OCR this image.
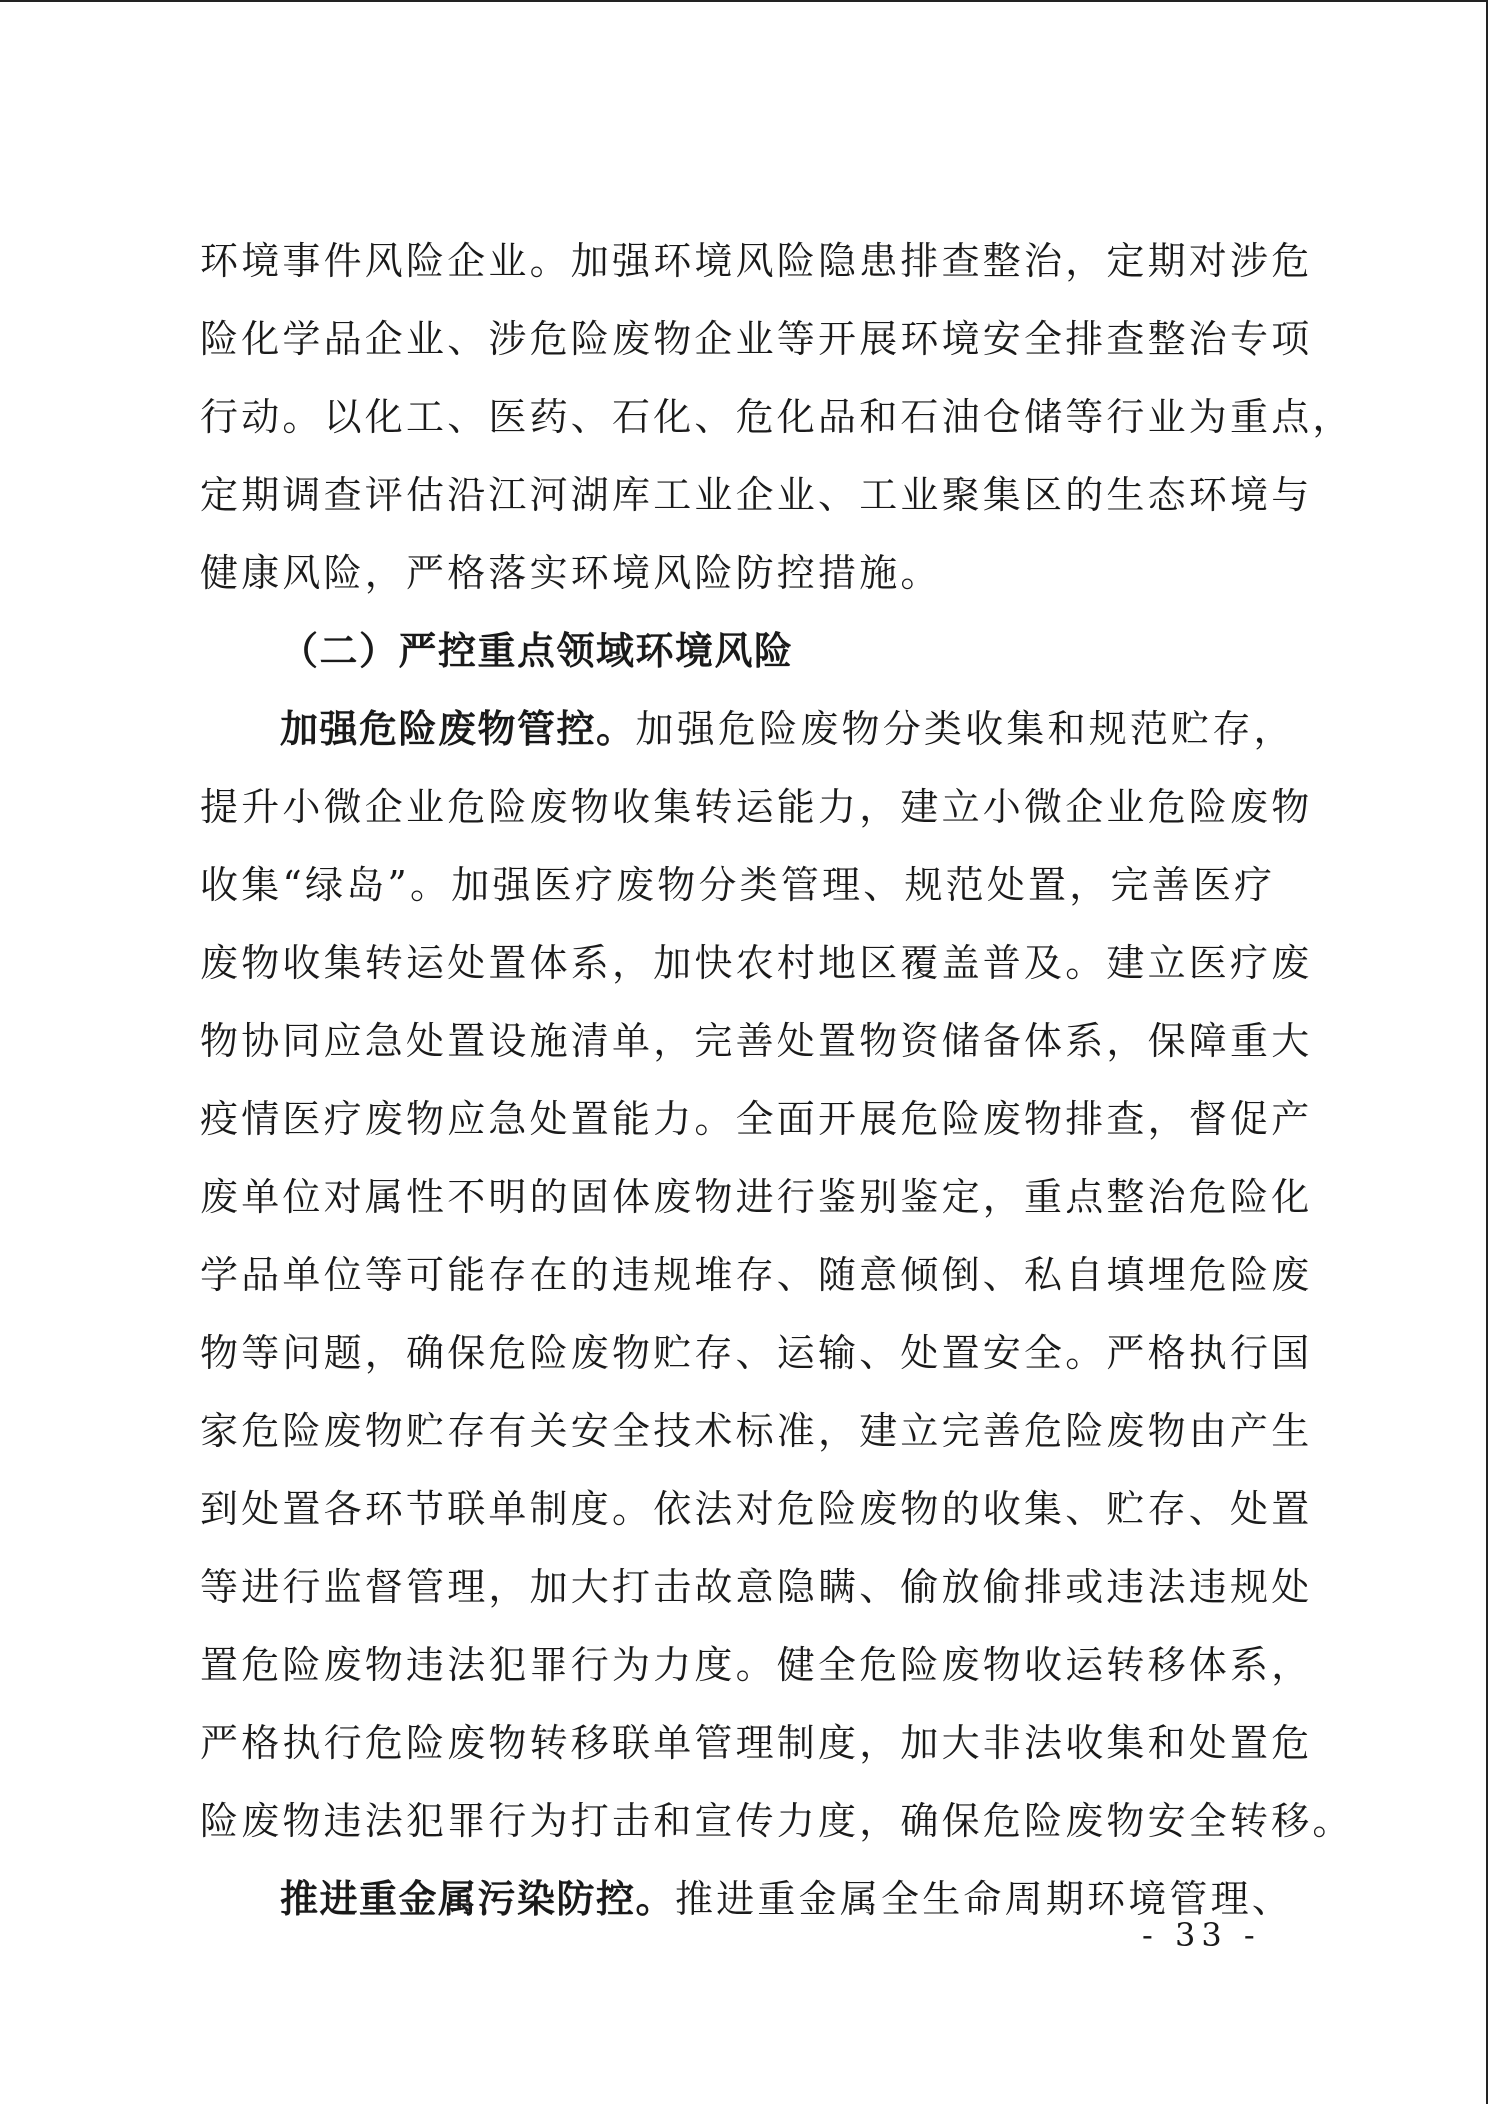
环境事件风险企业。加强环境风险隐患排查整治，定期对涉危
险化学品企业、涉危险废物企业等开展环境安全排查整治专项
行动。以化工、医药、石化、危化品和石油仓储等行业为重点，
定期调查评估沿江河湖库工业企业、工业聚集区的生态环境与
健康风险，严格落实环境风险防控措施。
（二）严控重点领域环境风险
加强危险废物管控。加强危险废物分类收集和规范贮存，
提升小微企业危险废物收集转运能力，建立小微企业危险废物
收集“绿岛”。加强医疗废物分类管理、规范处置，完善医疗
废物收集转运处置体系，加快农村地区覆盖普及。建立医疗废
物协同应急处置设施清单，完善处置物资储备体系，保障重大
疫情医疗废物应急处置能力。全面开展危险废物排查，督促产
废单位对属性不明的固体废物进行鉴别鉴定，重点整治危险化
学品单位等可能存在的违规堆存、随意倾倒、私自填埋危险废
物等问题，确保危险废物贮存、运输、处置安全。严格执行国
家危险废物贮存有关安全技术标准，建立完善危险废物由产生
到处置各环节联单制度。依法对危险废物的收集、贮存、处置
等进行监督管理，加大打击故意隐瞒、偷放偷排或违法违规处
置危险废物违法犯罪行为力度。健全危险废物收运转移体系，
严格执行危险废物转移联单管理制度，加大非法收集和处置危
险废物违法犯罪行为打击和宣传力度，确保危险废物安全转移。
推进重金属污染防控。推进重金属全生命周期环境管理、
- 33 -
